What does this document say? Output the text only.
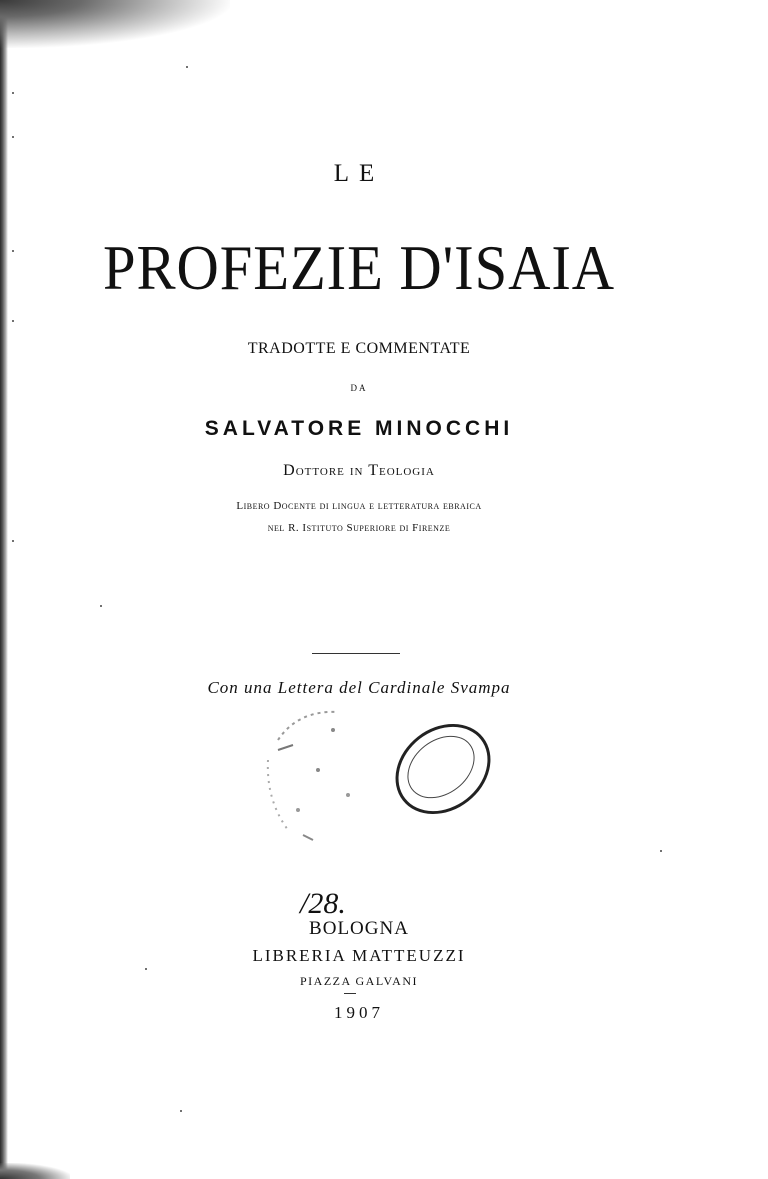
LE
PROFEZIE D'ISAIA
TRADOTTE E COMMENTATE
DA
SALVATORE MINOCCHI
Dottore in Teologia
Libero Docente di lingua e letteratura ebraica
nel R. Istituto Superiore di Firenze
Con una Lettera del Cardinale Svampa
/28.
BOLOGNA
LIBRERIA MATTEUZZI
PIAZZA GALVANI
1907
